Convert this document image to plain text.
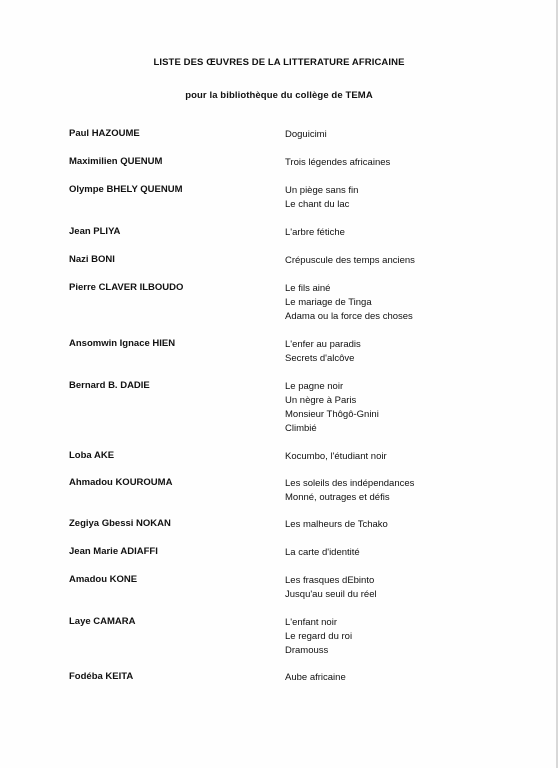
LISTE DES ŒUVRES DE LA LITTERATURE AFRICAINE
pour la bibliothèque du collège de TEMA
Paul HAZOUME	Doguicimi
Maximilien QUENUM	Trois légendes africaines
Olympe BHELY QUENUM	Un piège sans fin
Le chant du lac
Jean PLIYA	L'arbre fétiche
Nazi BONI	Crépuscule des temps anciens
Pierre CLAVER ILBOUDO	Le fils ainé
Le mariage de Tinga
Adama ou la force des choses
Ansomwin Ignace HIEN	L'enfer au paradis
Secrets d'alcôve
Bernard B. DADIE	Le pagne noir
Un nègre à Paris
Monsieur Thôgô-Gnini
Climbié
Loba AKE	Kocumbo, l'étudiant noir
Ahmadou KOUROUMA	Les soleils des indépendances
Monné, outrages et défis
Zegiya Gbessi NOKAN	Les malheurs de Tchako
Jean Marie ADIAFFI	La carte d'identité
Amadou KONE	Les frasques dEbinto
Jusqu'au seuil du réel
Laye CAMARA	L'enfant noir
Le regard du roi
Dramouss
Fodéba KEITA	Aube africaine
